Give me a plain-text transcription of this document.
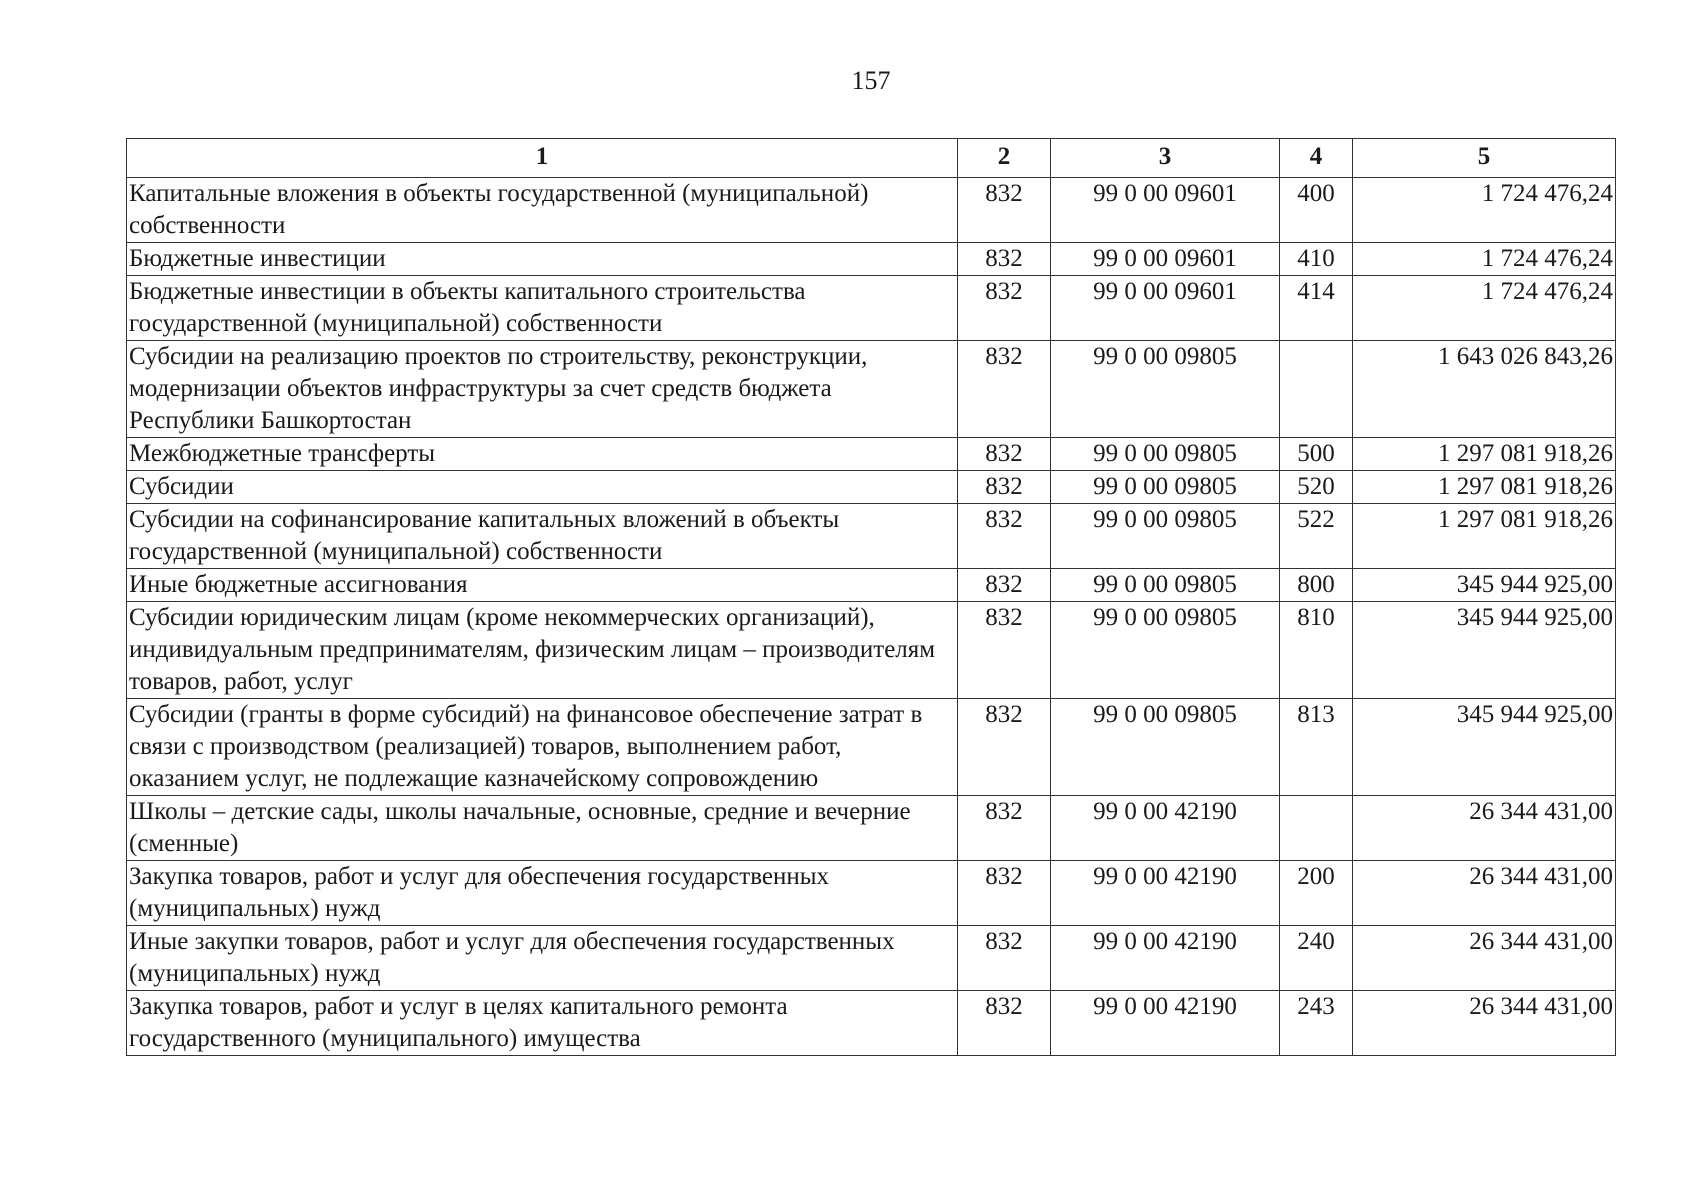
157
1	2	3	4	5
Капитальные вложения в объекты государственной (муниципальной) собственности	832	99 0 00 09601	400	1 724 476,24
Бюджетные инвестиции	832	99 0 00 09601	410	1 724 476,24
Бюджетные инвестиции в объекты капитального строительства государственной (муниципальной) собственности	832	99 0 00 09601	414	1 724 476,24
Субсидии на реализацию проектов по строительству, реконструкции, модернизации объектов инфраструктуры за счет средств бюджета Республики Башкортостан	832	99 0 00 09805		1 643 026 843,26
Межбюджетные трансферты	832	99 0 00 09805	500	1 297 081 918,26
Субсидии	832	99 0 00 09805	520	1 297 081 918,26
Субсидии на софинансирование капитальных вложений в объекты государственной (муниципальной) собственности	832	99 0 00 09805	522	1 297 081 918,26
Иные бюджетные ассигнования	832	99 0 00 09805	800	345 944 925,00
Субсидии юридическим лицам (кроме некоммерческих организаций), индивидуальным предпринимателям, физическим лицам – производителям товаров, работ, услуг	832	99 0 00 09805	810	345 944 925,00
Субсидии (гранты в форме субсидий) на финансовое обеспечение затрат в связи с производством (реализацией) товаров, выполнением работ, оказанием услуг, не подлежащие казначейскому сопровождению	832	99 0 00 09805	813	345 944 925,00
Школы – детские сады, школы начальные, основные, средние и вечерние (сменные)	832	99 0 00 42190		26 344 431,00
Закупка товаров, работ и услуг для обеспечения государственных (муниципальных) нужд	832	99 0 00 42190	200	26 344 431,00
Иные закупки товаров, работ и услуг для обеспечения государственных (муниципальных) нужд	832	99 0 00 42190	240	26 344 431,00
Закупка товаров, работ и услуг в целях капитального ремонта государственного (муниципального) имущества	832	99 0 00 42190	243	26 344 431,00
